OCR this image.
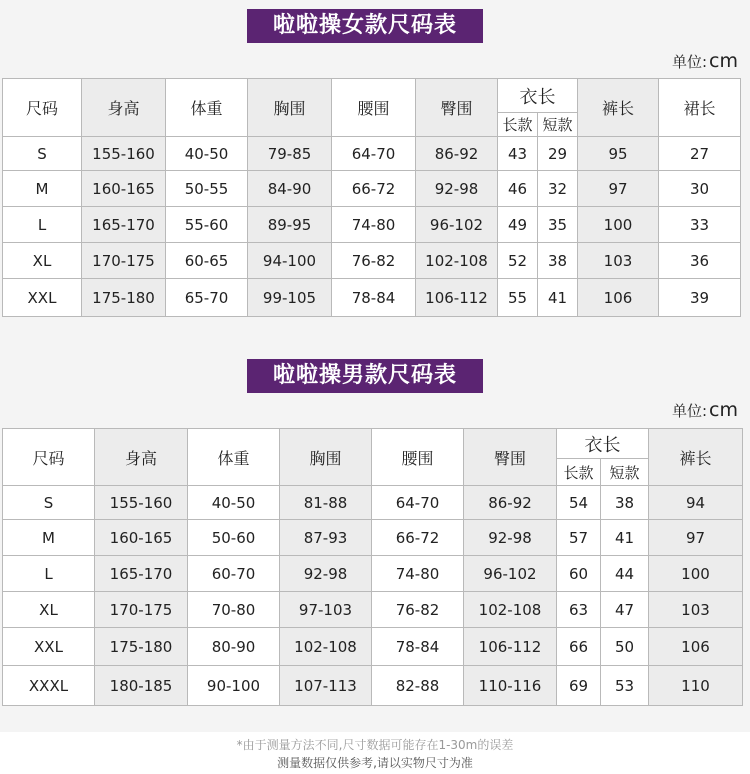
啦啦操女款尺码表
单位: cm
尺码	身高	体重	胸围	腰围	臀围	衣长		裤长	裙长
						长款	短款		
S	155-160	40-50	79-85	64-70	86-92	43	29	95	27
M	160-165	50-55	84-90	66-72	92-98	46	32	97	30
L	165-170	55-60	89-95	74-80	96-102	49	35	100	33
XL	170-175	60-65	94-100	76-82	102-108	52	38	103	36
XXL	175-180	65-70	99-105	78-84	106-112	55	41	106	39
啦啦操男款尺码表
单位: cm
尺码	身高	体重	胸围	腰围	臀围	衣长		裤长
						长款	短款	
S	155-160	40-50	81-88	64-70	86-92	54	38	94
M	160-165	50-60	87-93	66-72	92-98	57	41	97
L	165-170	60-70	92-98	74-80	96-102	60	44	100
XL	170-175	70-80	97-103	76-82	102-108	63	47	103
XXL	175-180	80-90	102-108	78-84	106-112	66	50	106
XXXL	180-185	90-100	107-113	82-88	110-116	69	53	110
*由于测量方法不同,尺寸数据可能存在1-30m的误差
测量数据仅供参考,请以实物尺寸为准
